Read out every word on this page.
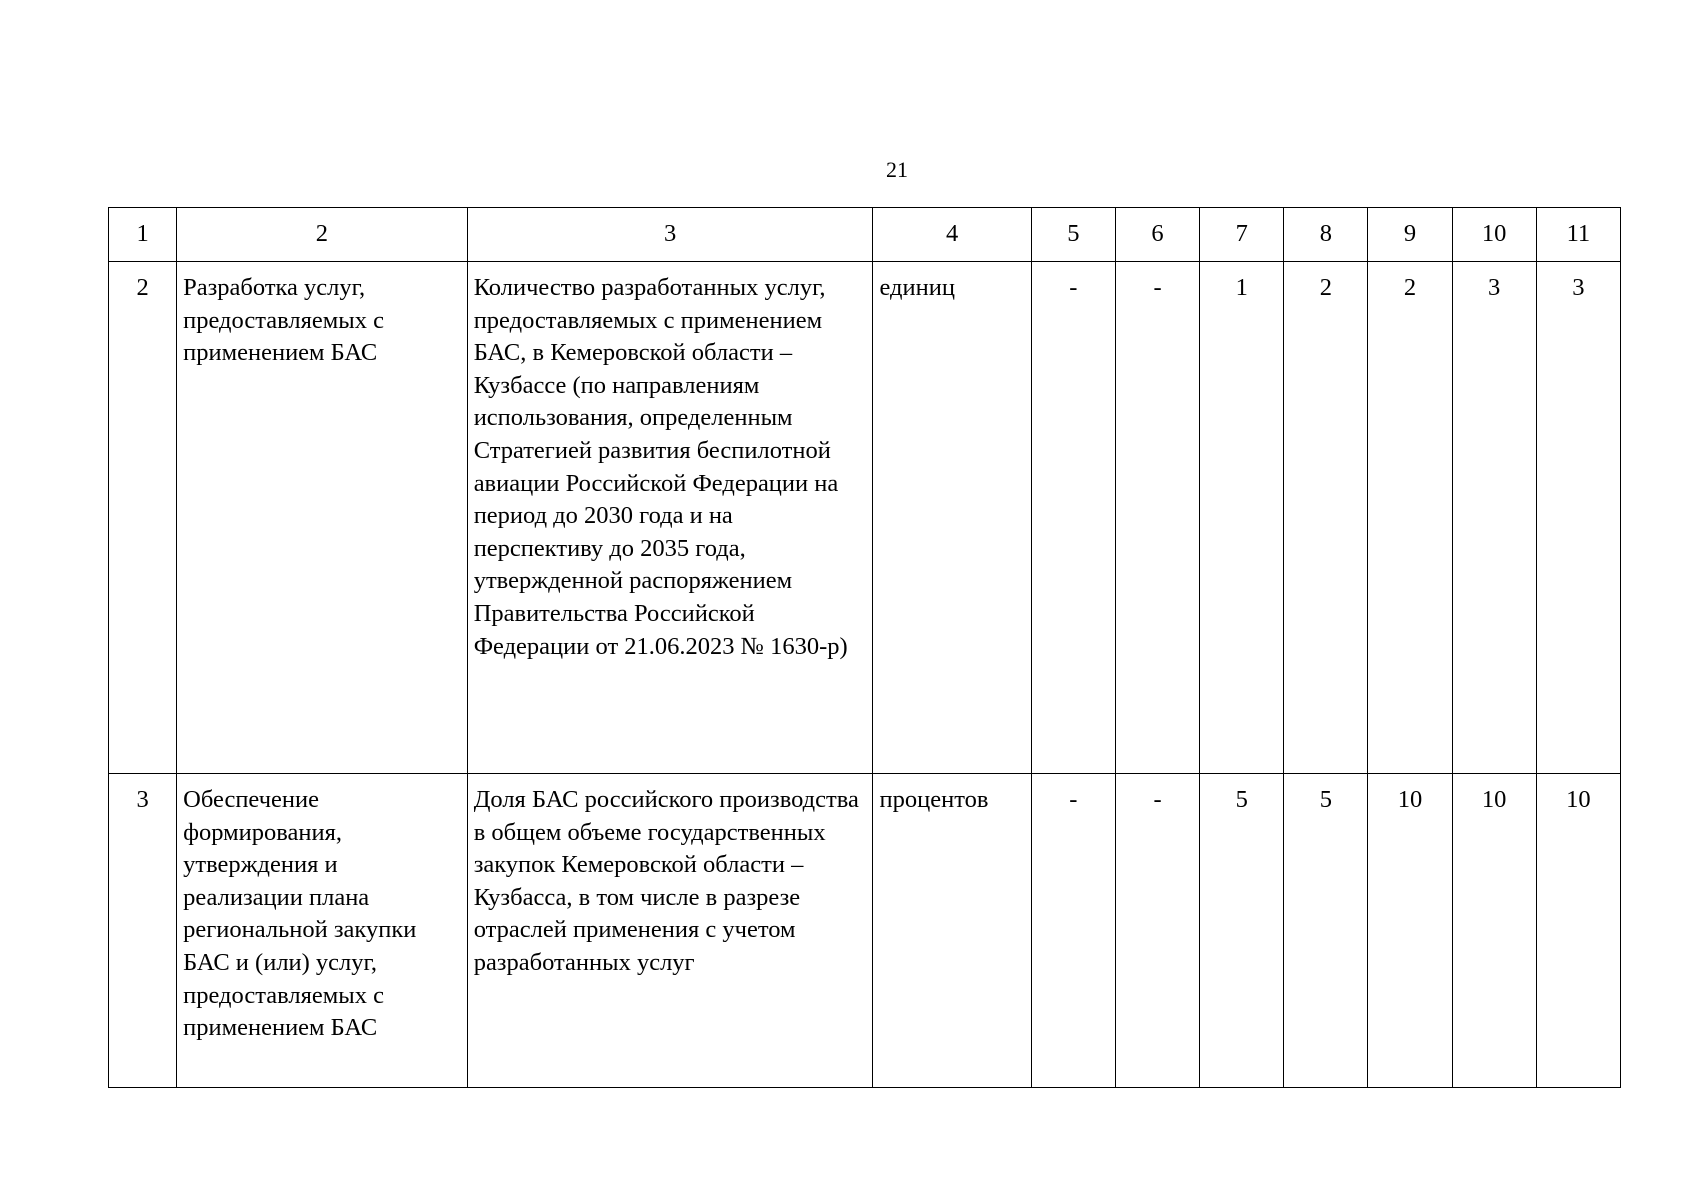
21
1	2	3	4	5	6	7	8	9	10	11
2	Разработка услуг, предоставляемых с применением БАС	Количество разработанных услуг, предоставляемых с применением БАС, в Кемеровской области – Кузбассе (по направлениям использования, определенным Стратегией развития беспилотной авиации Российской Федерации на период до 2030 года и на перспективу до 2035 года, утвержденной распоряжением Правительства Российской Федерации от 21.06.2023 № 1630-р)	единиц	-	-	1	2	2	3	3
3	Обеспечение формирования, утверждения и реализации плана региональной закупки БАС и (или) услуг, предоставляемых с применением БАС	Доля БАС российского производства в общем объеме государственных закупок Кемеровской области – Кузбасса, в том числе в разрезе отраслей применения с учетом разработанных услуг	процентов	-	-	5	5	10	10	10
